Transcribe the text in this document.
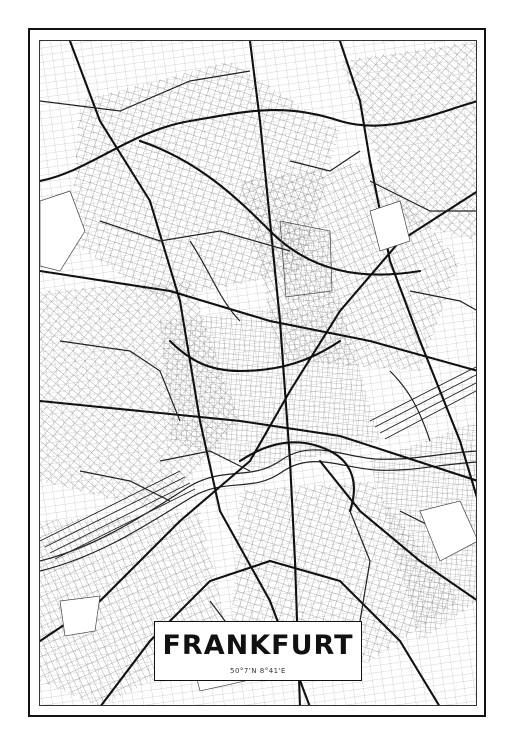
FRANKFURT
50°7'N 8°41'E
